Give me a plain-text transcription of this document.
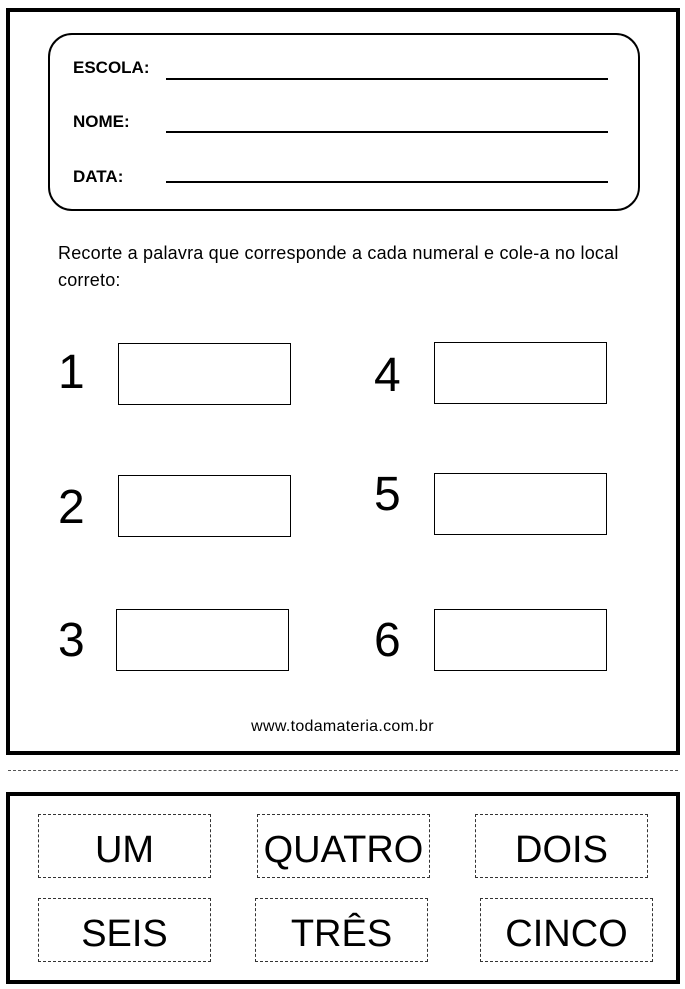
ESCOLA:
NOME:
DATA:
Recorte a palavra que corresponde a cada numeral e cole-a no local correto:
1
2
3
4
5
6
www.todamateria.com.br
UM	QUATRO	DOIS
SEIS	TRÊS	CINCO
